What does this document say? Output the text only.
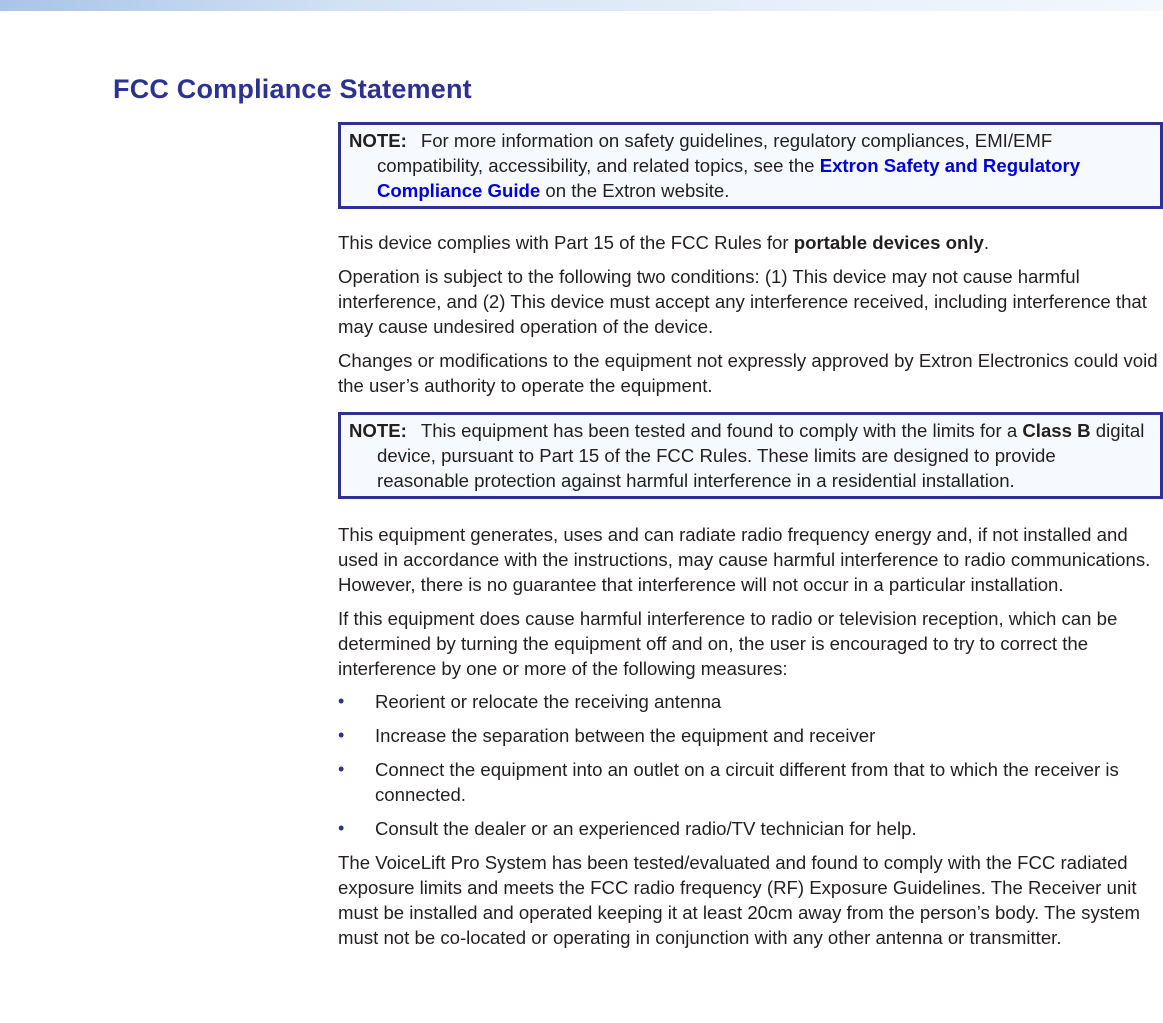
FCC Compliance Statement
NOTE: For more information on safety guidelines, regulatory compliances, EMI/EMF compatibility, accessibility, and related topics, see the Extron Safety and Regulatory Compliance Guide on the Extron website.

This device complies with Part 15 of the FCC Rules for portable devices only.

Operation is subject to the following two conditions: (1) This device may not cause harmful interference, and (2) This device must accept any interference received, including interference that may cause undesired operation of the device.

Changes or modifications to the equipment not expressly approved by Extron Electronics could void the user’s authority to operate the equipment.

NOTE: This equipment has been tested and found to comply with the limits for a Class B digital device, pursuant to Part 15 of the FCC Rules. These limits are designed to provide reasonable protection against harmful interference in a residential installation.

This equipment generates, uses and can radiate radio frequency energy and, if not installed and used in accordance with the instructions, may cause harmful interference to radio communications. However, there is no guarantee that interference will not occur in a particular installation.

If this equipment does cause harmful interference to radio or television reception, which can be determined by turning the equipment off and on, the user is encouraged to try to correct the interference by one or more of the following measures:

• Reorient or relocate the receiving antenna
• Increase the separation between the equipment and receiver
• Connect the equipment into an outlet on a circuit different from that to which the receiver is connected.
• Consult the dealer or an experienced radio/TV technician for help.

The VoiceLift Pro System has been tested/evaluated and found to comply with the FCC radiated exposure limits and meets the FCC radio frequency (RF) Exposure Guidelines. The Receiver unit must be installed and operated keeping it at least 20cm away from the person’s body. The system must not be co-located or operating in conjunction with any other antenna or transmitter.
